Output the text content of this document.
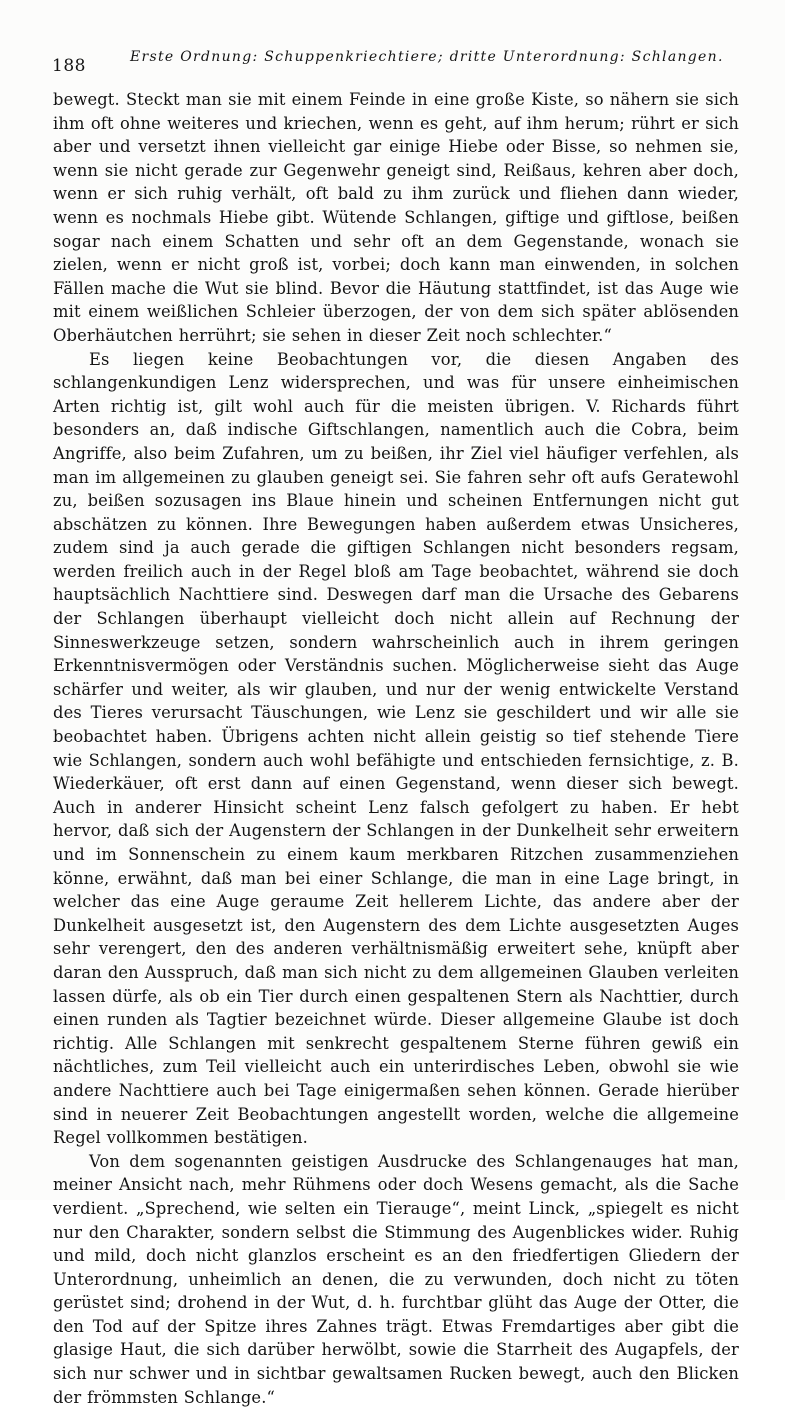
188	Erste Ordnung: Schuppenkriechtiere; dritte Unterordnung: Schlangen.

bewegt. Steckt man sie mit einem Feinde in eine große Kiste, so nähern sie sich ihm oft ohne weiteres und kriechen, wenn es geht, auf ihm herum; rührt er sich aber und versetzt ihnen vielleicht gar einige Hiebe oder Bisse, so nehmen sie, wenn sie nicht gerade zur Gegenwehr geneigt sind, Reißaus, kehren aber doch, wenn er sich ruhig verhält, oft bald zu ihm zurück und fliehen dann wieder, wenn es nochmals Hiebe gibt. Wütende Schlangen, giftige und giftlose, beißen sogar nach einem Schatten und sehr oft an dem Gegenstande, wonach sie zielen, wenn er nicht groß ist, vorbei; doch kann man einwenden, in solchen Fällen mache die Wut sie blind. Bevor die Häutung stattfindet, ist das Auge wie mit einem weißlichen Schleier überzogen, der von dem sich später ablösenden Oberhäutchen herrührt; sie sehen in dieser Zeit noch schlechter.“

Es liegen keine Beobachtungen vor, die diesen Angaben des schlangenkundigen Lenz widersprechen, und was für unsere einheimischen Arten richtig ist, gilt wohl auch für die meisten übrigen. V. Richards führt besonders an, daß indische Giftschlangen, namentlich auch die Cobra, beim Angriffe, also beim Zufahren, um zu beißen, ihr Ziel viel häufiger verfehlen, als man im allgemeinen zu glauben geneigt sei. Sie fahren sehr oft aufs Geratewohl zu, beißen sozusagen ins Blaue hinein und scheinen Entfernungen nicht gut abschätzen zu können. Ihre Bewegungen haben außerdem etwas Unsicheres, zudem sind ja auch gerade die giftigen Schlangen nicht besonders regsam, werden freilich auch in der Regel bloß am Tage beobachtet, während sie doch hauptsächlich Nachttiere sind. Deswegen darf man die Ursache des Gebarens der Schlangen überhaupt vielleicht doch nicht allein auf Rechnung der Sinneswerkzeuge setzen, sondern wahrscheinlich auch in ihrem geringen Erkenntnisvermögen oder Verständnis suchen. Möglicherweise sieht das Auge schärfer und weiter, als wir glauben, und nur der wenig entwickelte Verstand des Tieres verursacht Täuschungen, wie Lenz sie geschildert und wir alle sie beobachtet haben. Übrigens achten nicht allein geistig so tief stehende Tiere wie Schlangen, sondern auch wohl befähigte und entschieden fernsichtige, z. B. Wiederkäuer, oft erst dann auf einen Gegenstand, wenn dieser sich bewegt. Auch in anderer Hinsicht scheint Lenz falsch gefolgert zu haben. Er hebt hervor, daß sich der Augenstern der Schlangen in der Dunkelheit sehr erweitern und im Sonnenschein zu einem kaum merkbaren Ritzchen zusammenziehen könne, erwähnt, daß man bei einer Schlange, die man in eine Lage bringt, in welcher das eine Auge geraume Zeit hellerem Lichte, das andere aber der Dunkelheit ausgesetzt ist, den Augenstern des dem Lichte ausgesetzten Auges sehr verengert, den des anderen verhältnismäßig erweitert sehe, knüpft aber daran den Ausspruch, daß man sich nicht zu dem allgemeinen Glauben verleiten lassen dürfe, als ob ein Tier durch einen gespaltenen Stern als Nachttier, durch einen runden als Tagtier bezeichnet würde. Dieser allgemeine Glaube ist doch richtig. Alle Schlangen mit senkrecht gespaltenem Sterne führen gewiß ein nächtliches, zum Teil vielleicht auch ein unterirdisches Leben, obwohl sie wie andere Nachttiere auch bei Tage einigermaßen sehen können. Gerade hierüber sind in neuerer Zeit Beobachtungen angestellt worden, welche die allgemeine Regel vollkommen bestätigen.

Von dem sogenannten geistigen Ausdrucke des Schlangenauges hat man, meiner Ansicht nach, mehr Rühmens oder doch Wesens gemacht, als die Sache verdient. „Sprechend, wie selten ein Tierauge“, meint Linck, „spiegelt es nicht nur den Charakter, sondern selbst die Stimmung des Augenblickes wider. Ruhig und mild, doch nicht glanzlos erscheint es an den friedfertigen Gliedern der Unterordnung, unheimlich an denen, die zu verwunden, doch nicht zu töten gerüstet sind; drohend in der Wut, d. h. furchtbar glüht das Auge der Otter, die den Tod auf der Spitze ihres Zahnes trägt. Etwas Fremdartiges aber gibt die glasige Haut, die sich darüber herwölbt, sowie die Starrheit des Augapfels, der sich nur schwer und in sichtbar gewaltsamen Rucken bewegt, auch den Blicken der frömmsten Schlange.“
